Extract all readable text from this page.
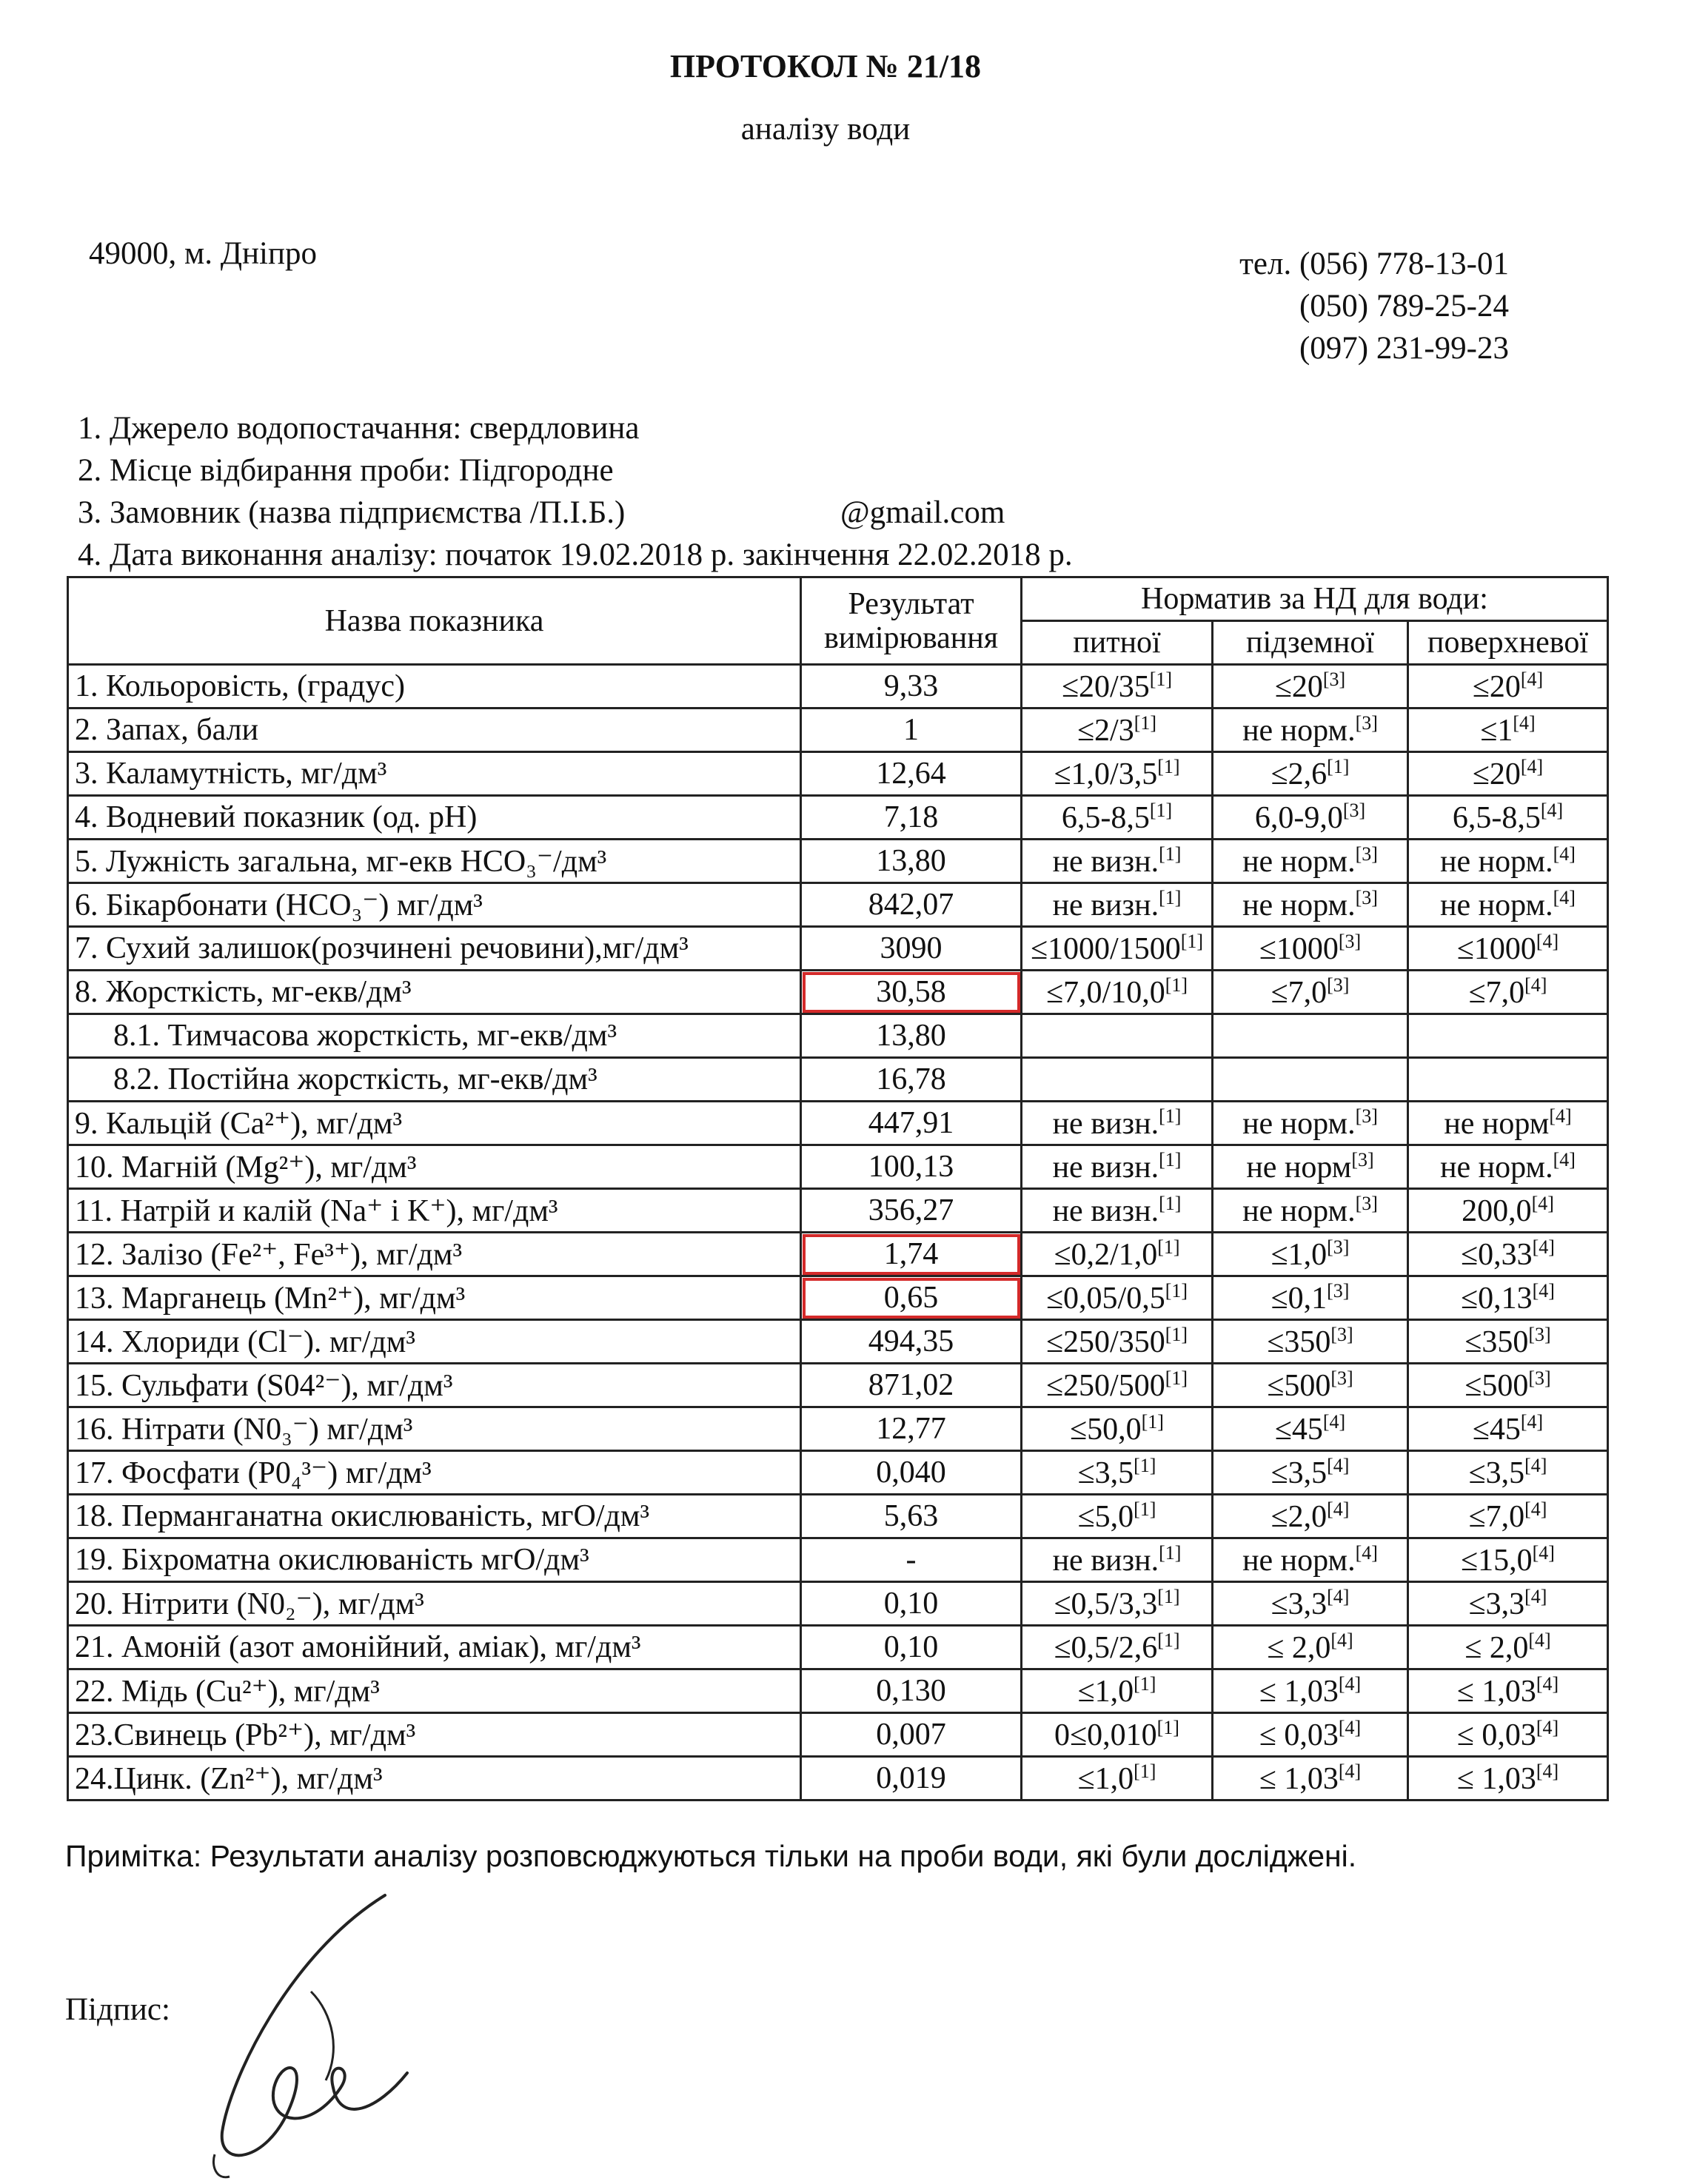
ПРОТОКОЛ № 21/18
аналізу води
49000, м. Дніпро	тел. (056) 778-13-01
(050) 789-25-24
(097) 231-99-23
1. Джерело водопостачання: свердловина
2. Місце відбирання проби: Підгородне
3. Замовник (назва підприємства /П.І.Б.)	@gmail.com
4. Дата виконання аналізу: початок 19.02.2018 р. закінчення 22.02.2018 р.
Назва показника	Результат вимірювання	Норматив за НД для води:		
		питної	підземної	поверхневої
1. Кольоровість, (градус)	9,33	≤20/35[1]	≤20[3]	≤20[4]
2. Запах, бали	1	≤2/3[1]	не норм.[3]	≤1[4]
3. Каламутність, мг/дм³	12,64	≤1,0/3,5[1]	≤2,6[1]	≤20[4]
4. Водневий показник (од. pH)	7,18	6,5-8,5[1]	6,0-9,0[3]	6,5-8,5[4]
5. Лужність загальна, мг-екв HCO₃⁻/дм³	13,80	не визн.[1]	не норм.[3]	не норм.[4]
6. Бікарбонати (HCO₃⁻) мг/дм³	842,07	не визн.[1]	не норм.[3]	не норм.[4]
7. Сухий залишок(розчинені речовини),мг/дм³	3090	≤1000/1500[1]	≤1000[3]	≤1000[4]
8. Жорсткість, мг-екв/дм³	30,58	≤7,0/10,0[1]	≤7,0[3]	≤7,0[4]
8.1. Тимчасова жорсткість, мг-екв/дм³	13,80			
8.2. Постійна жорсткість, мг-екв/дм³	16,78			
9. Кальцій (Ca²⁺), мг/дм³	447,91	не визн.[1]	не норм.[3]	не норм[4]
10. Магній (Mg²⁺), мг/дм³	100,13	не визн.[1]	не норм[3]	не норм.[4]
11. Натрій и калій (Na⁺ і K⁺), мг/дм³	356,27	не визн.[1]	не норм.[3]	200,0[4]
12. Залізо (Fe²⁺, Fe³⁺), мг/дм³	1,74	≤0,2/1,0[1]	≤1,0[3]	≤0,33[4]
13. Марганець (Mn²⁺), мг/дм³	0,65	≤0,05/0,5[1]	≤0,1[3]	≤0,13[4]
14. Хлориди (Cl⁻). мг/дм³	494,35	≤250/350[1]	≤350[3]	≤350[3]
15. Сульфати (S04²⁻), мг/дм³	871,02	≤250/500[1]	≤500[3]	≤500[3]
16. Нітрати (N0₃⁻) мг/дм³	12,77	≤50,0[1]	≤45[4]	≤45[4]
17. Фосфати (P0₄³⁻) мг/дм³	0,040	≤3,5[1]	≤3,5[4]	≤3,5[4]
18. Перманганатна окислюваність, мгО/дм³	5,63	≤5,0[1]	≤2,0[4]	≤7,0[4]
19. Біхроматна окислюваність мгО/дм³	-	не визн.[1]	не норм.[4]	≤15,0[4]
20. Нітрити (N0₂⁻), мг/дм³	0,10	≤0,5/3,3[1]	≤3,3[4]	≤3,3[4]
21. Амоній (азот амонійний, аміак), мг/дм³	0,10	≤0,5/2,6[1]	≤ 2,0[4]	≤ 2,0[4]
22. Мідь (Cu²⁺), мг/дм³	0,130	≤1,0[1]	≤ 1,03[4]	≤ 1,03[4]
23.Свинець (Pb²⁺), мг/дм³	0,007	0≤0,010[1]	≤ 0,03[4]	≤ 0,03[4]
24.Цинк. (Zn²⁺), мг/дм³	0,019	≤1,0[1]	≤ 1,03[4]	≤ 1,03[4]
Примітка: Результати аналізу розповсюджуються тільки на проби води, які були досліджені.
Підпис:
